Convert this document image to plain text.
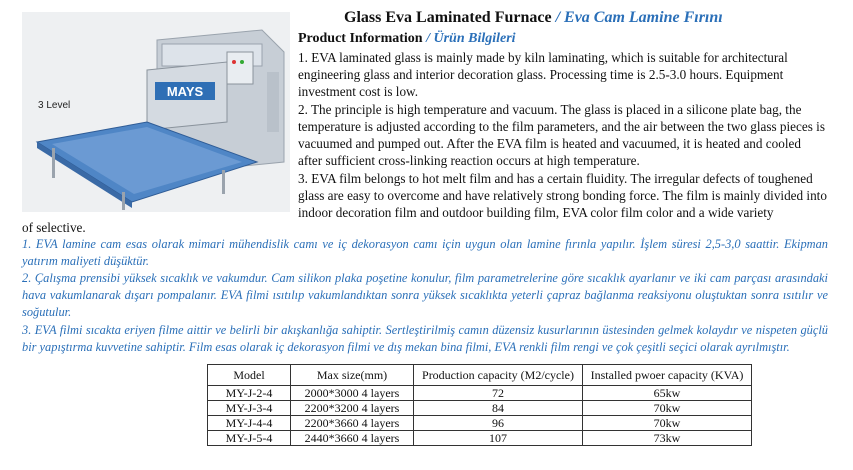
MAYS
3 Level
Glass Eva Laminated Furnace / Eva Cam Lamine Fırını
Product Information / Ürün Bilgileri
1. EVA laminated glass is mainly made by kiln laminating, which is suitable for architectural engineering glass and interior decoration glass. Processing time is 2.5-3.0 hours. Equipment investment cost is low.
2. The principle is high temperature and vacuum. The glass is placed in a silicone plate bag, the temperature is adjusted according to the film parameters, and the air between the two glass pieces is vacuumed and pumped out. After the EVA film is heated and vacuumed, it is heated and cooled after sufficient cross-linking reaction occurs at high temperature.
3. EVA film belongs to hot melt film and has a certain fluidity. The irregular defects of toughened glass are easy to overcome and have relatively strong bonding force. The film is mainly divided into indoor decoration film and outdoor building film, EVA color film color and a wide variety
of selective.
1. EVA lamine cam esas olarak mimari mühendislik camı ve iç dekorasyon camı için uygun olan lamine fırınla yapılır. İşlem süresi 2,5-3,0 saattir. Ekipman yatırım maliyeti düşüktür.
2. Çalışma prensibi yüksek sıcaklık ve vakumdur. Cam silikon plaka poşetine konulur, film parametrelerine göre sıcaklık ayarlanır ve iki cam parçası arasındaki hava vakumlanarak dışarı pompalanır. EVA filmi ısıtılıp vakumlandıktan sonra yüksek sıcaklıkta yeterli çapraz bağlanma reaksiyonu oluştuktan sonra ısıtılır ve soğutulur.
3. EVA filmi sıcakta eriyen filme aittir ve belirli bir akışkanlığa sahiptir. Sertleştirilmiş camın düzensiz kusurlarının üstesinden gelmek kolaydır ve nispeten güçlü bir yapıştırma kuvvetine sahiptir. Film esas olarak iç dekorasyon filmi ve dış mekan bina filmi, EVA renkli film rengi ve çok çeşitli seçici olarak ayrılmıştır.
Model	Max size(mm)	Production capacity (M2/cycle)	Installed pwoer capacity (KVA)
MY-J-2-4	2000*3000 4 layers	72	65kw
MY-J-3-4	2200*3200 4 layers	84	70kw
MY-J-4-4	2200*3660 4 layers	96	70kw
MY-J-5-4	2440*3660 4 layers	107	73kw
